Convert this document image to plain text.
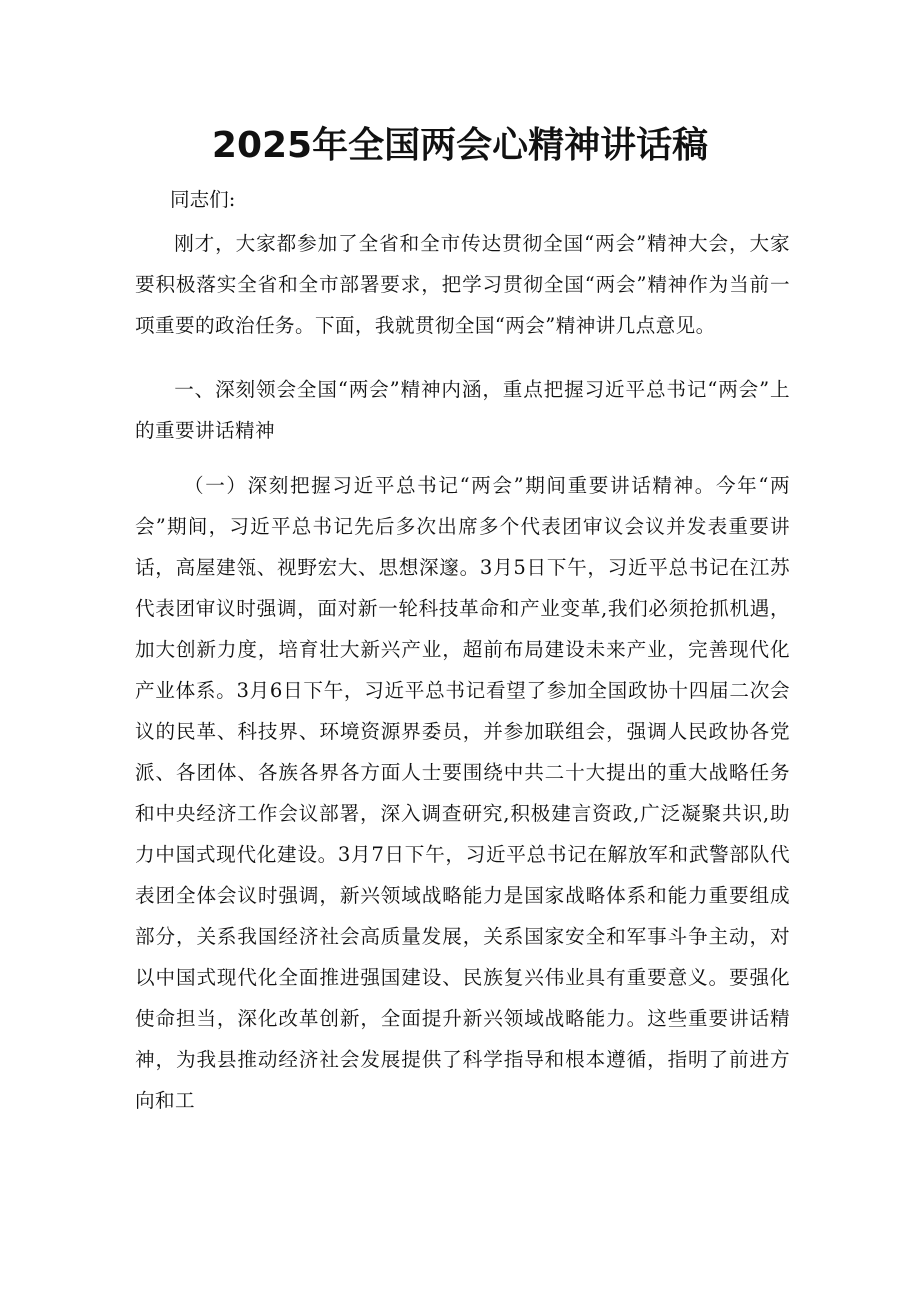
2025年全国两会心精神讲话稿

同志们:

刚才，大家都参加了全省和全市传达贯彻全国“两会”精神大会，大家要积极落实全省和全市部署要求，把学习贯彻全国“两会”精神作为当前一项重要的政治任务。下面，我就贯彻全国“两会”精神讲几点意见。

一、深刻领会全国“两会”精神内涵，重点把握习近平总书记“两会”上的重要讲话精神

（一）深刻把握习近平总书记“两会”期间重要讲话精神。今年“两会”期间，习近平总书记先后多次出席多个代表团审议会议并发表重要讲话，高屋建瓴、视野宏大、思想深邃。3月5日下午，习近平总书记在江苏代表团审议时强调，面对新一轮科技革命和产业变革,我们必须抢抓机遇，加大创新力度，培育壮大新兴产业，超前布局建设未来产业，完善现代化产业体系。3月6日下午，习近平总书记看望了参加全国政协十四届二次会议的民革、科技界、环境资源界委员，并参加联组会，强调人民政协各党派、各团体、各族各界各方面人士要围绕中共二十大提出的重大战略任务和中央经济工作会议部署，深入调查研究,积极建言资政,广泛凝聚共识,助力中国式现代化建设。3月7日下午，习近平总书记在解放军和武警部队代表团全体会议时强调，新兴领域战略能力是国家战略体系和能力重要组成部分，关系我国经济社会高质量发展，关系国家安全和军事斗争主动，对以中国式现代化全面推进强国建设、民族复兴伟业具有重要意义。要强化使命担当，深化改革创新，全面提升新兴领域战略能力。这些重要讲话精神，为我县推动经济社会发展提供了科学指导和根本遵循，指明了前进方向和工
